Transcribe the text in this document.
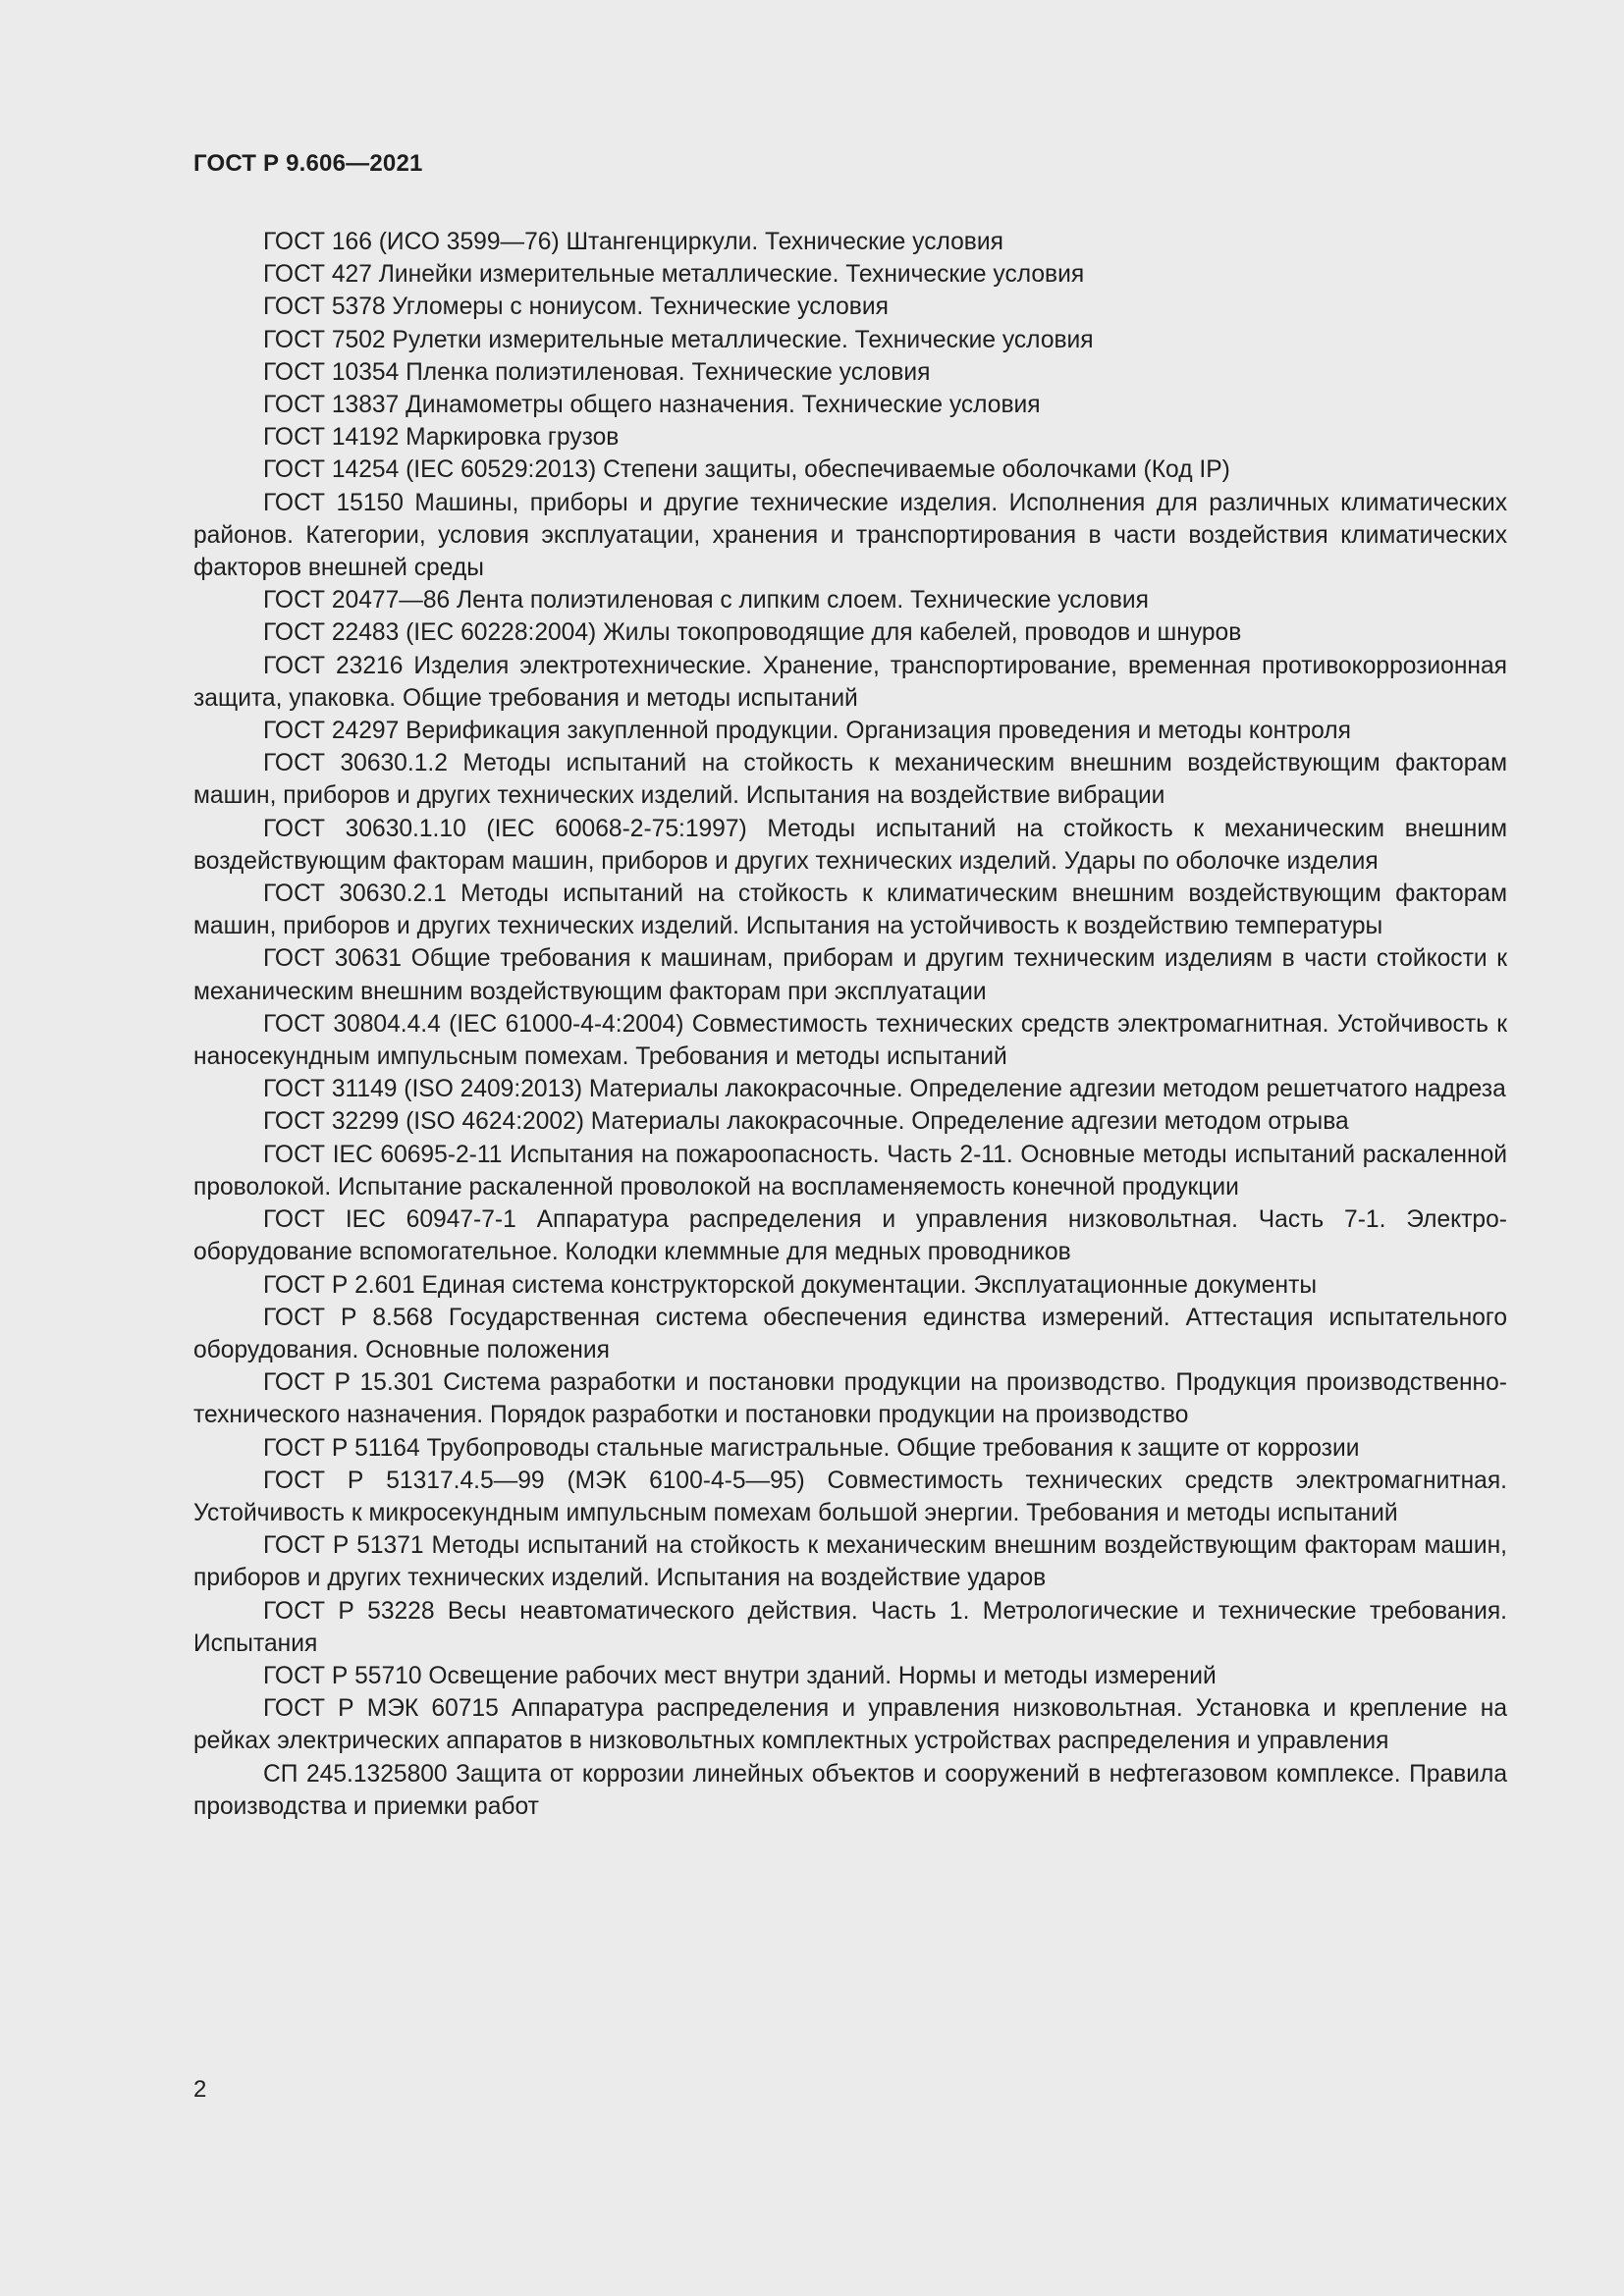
ГОСТ Р 9.606—2021
ГОСТ 166 (ИСО 3599—76) Штангенциркули. Технические условия
ГОСТ 427 Линейки измерительные металлические. Технические условия
ГОСТ 5378 Угломеры с нониусом. Технические условия
ГОСТ 7502 Рулетки измерительные металлические. Технические условия
ГОСТ 10354 Пленка полиэтиленовая. Технические условия
ГОСТ 13837 Динамометры общего назначения. Технические условия
ГОСТ 14192 Маркировка грузов
ГОСТ 14254 (IEC 60529:2013) Степени защиты, обеспечиваемые оболочками (Код IP)
ГОСТ 15150 Машины, приборы и другие технические изделия. Исполнения для различных климатических районов. Категории, условия эксплуатации, хранения и транспортирования в части воздействия климатических факторов внешней среды
ГОСТ 20477—86 Лента полиэтиленовая с липким слоем. Технические условия
ГОСТ 22483 (IEC 60228:2004) Жилы токопроводящие для кабелей, проводов и шнуров
ГОСТ 23216 Изделия электротехнические. Хранение, транспортирование, временная противокоррозионная защита, упаковка. Общие требования и методы испытаний
ГОСТ 24297 Верификация закупленной продукции. Организация проведения и методы контроля
ГОСТ 30630.1.2 Методы испытаний на стойкость к механическим внешним воздействующим факторам машин, приборов и других технических изделий. Испытания на воздействие вибрации
ГОСТ 30630.1.10 (IEC 60068-2-75:1997) Методы испытаний на стойкость к механическим внешним воздействующим факторам машин, приборов и других технических изделий. Удары по оболочке изделия
ГОСТ 30630.2.1 Методы испытаний на стойкость к климатическим внешним воздействующим факторам машин, приборов и других технических изделий. Испытания на устойчивость к воздействию температуры
ГОСТ 30631 Общие требования к машинам, приборам и другим техническим изделиям в части стойкости к механическим внешним воздействующим факторам при эксплуатации
ГОСТ 30804.4.4 (IEC 61000-4-4:2004) Совместимость технических средств электромагнитная. Устойчивость к наносекундным импульсным помехам. Требования и методы испытаний
ГОСТ 31149 (ISO 2409:2013) Материалы лакокрасочные. Определение адгезии методом решетчатого надреза
ГОСТ 32299 (ISO 4624:2002) Материалы лакокрасочные. Определение адгезии методом отрыва
ГОСТ IEC 60695-2-11 Испытания на пожароопасность. Часть 2-11. Основные методы испытаний раскаленной проволокой. Испытание раскаленной проволокой на воспламеняемость конечной продукции
ГОСТ IEC 60947-7-1 Аппаратура распределения и управления низковольтная. Часть 7-1. Электрооборудование вспомогательное. Колодки клеммные для медных проводников
ГОСТ Р 2.601 Единая система конструкторской документации. Эксплуатационные документы
ГОСТ Р 8.568 Государственная система обеспечения единства измерений. Аттестация испытательного оборудования. Основные положения
ГОСТ Р 15.301 Система разработки и постановки продукции на производство. Продукция производственно-технического назначения. Порядок разработки и постановки продукции на производство
ГОСТ Р 51164 Трубопроводы стальные магистральные. Общие требования к защите от коррозии
ГОСТ Р 51317.4.5—99 (МЭК 6100-4-5—95) Совместимость технических средств электромагнитная. Устойчивость к микросекундным импульсным помехам большой энергии. Требования и методы испытаний
ГОСТ Р 51371 Методы испытаний на стойкость к механическим внешним воздействующим факторам машин, приборов и других технических изделий. Испытания на воздействие ударов
ГОСТ Р 53228 Весы неавтоматического действия. Часть 1. Метрологические и технические требования. Испытания
ГОСТ Р 55710 Освещение рабочих мест внутри зданий. Нормы и методы измерений
ГОСТ Р МЭК 60715 Аппаратура распределения и управления низковольтная. Установка и крепление на рейках электрических аппаратов в низковольтных комплектных устройствах распределения и управления
СП 245.1325800 Защита от коррозии линейных объектов и сооружений в нефтегазовом комплексе. Правила производства и приемки работ
2
